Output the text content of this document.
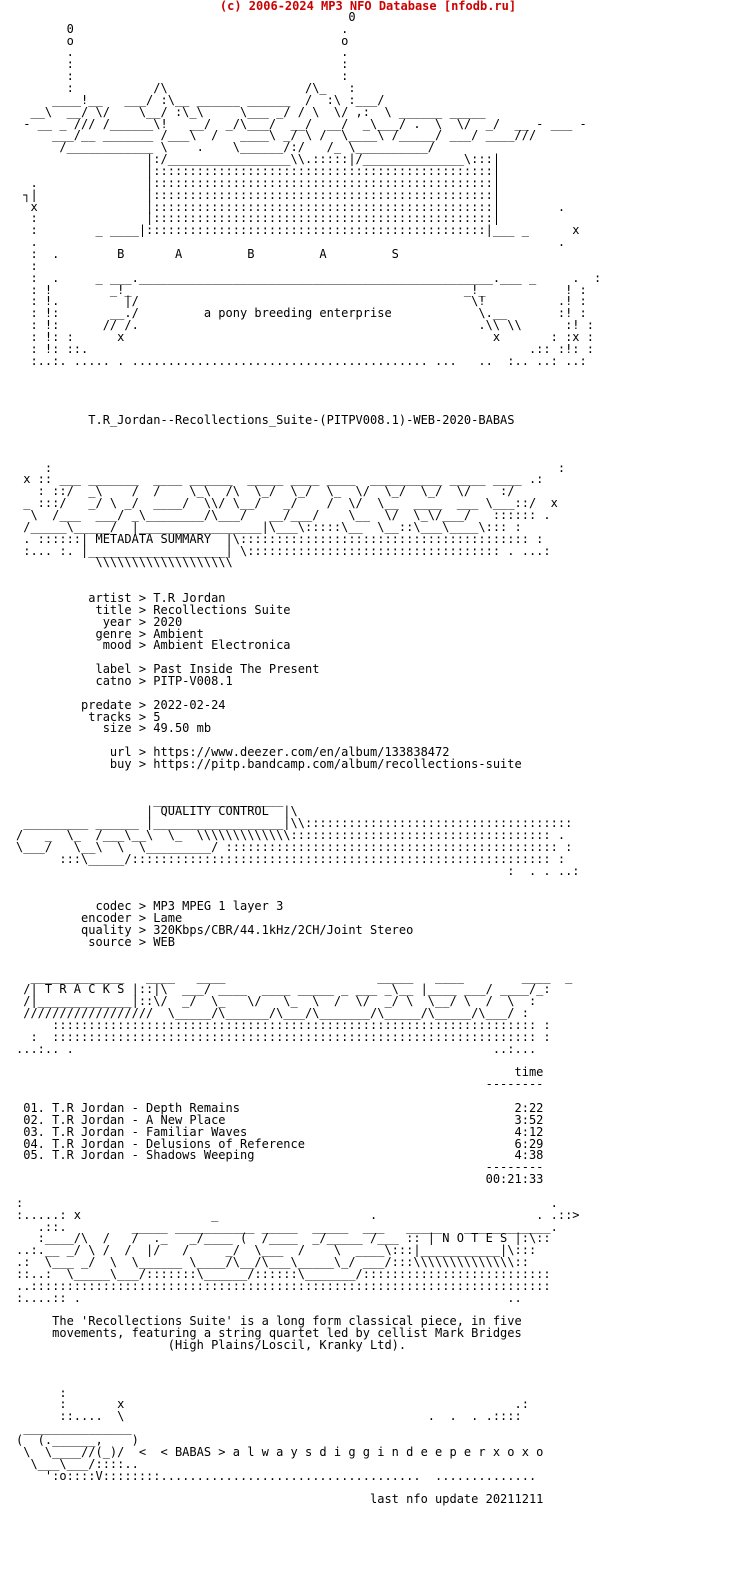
(c) 2006-2024 MP3 NFO Database [nfodb.ru]

0
0                                     .
o                                     o
.                                     .
:                                     :
:                                     :
:           /\                   /\_   :
____!__   ___/ :\__ ______ ______  /  :\ :___/
__\  __/ \/    \__/ :\_\     \___ _/ / \  \/ ,:  \ ______ _____
- __ _ /// /______\!   __/  _/\___/  __/  __/  _\___/ .  \  \/  _/  __ - ___ -
___/__ _______ /___\  /   ____\ _/ \ /  \____\ /_____/ ___/ ____///
/____________ \    .    \______/:/   /_ \__________/
|:/_________________\\.:::::|/______________\:::|
|:::::::::::::::::::::::::::::::::::::::::::::::|
.               |:::::::::::::::::::::::::::::::::::::::::::::::|
┐|               |:::::::::::::::::::::::::::::::::::::::::::::::|
x               |:::::::::::::::::::::::::::::::::::::::::::::::|        .
:               |:::::::::::::::::::::::::::::::::::::::::::::::|
:        _ ____|:::::::::::::::::::::::::::::::::::::::::::::::|___ _      x
.                                                                        .
:  .        B       A         B         A         S
:
:  .     _ ___._________________________________________________.___ _     .  :
: !        _!_                                              _!_           ! :
: !.         |/                                              \!          .! :
: !:       __./         a pony breeding enterprise            \.__       :! :
: !:      // /.                                               .\\ \\      :! :
: !: :      x                                                   x       : :x :
: !: ::.                                                             .:: :!: :
:..:. ..... . ......................................... ...   ..  :.. ..: ..:

T.R_Jordan--Recollections_Suite-(PITPV008.1)-WEB-2020-BABAS

:                                                                      :
x :: ___ _______  ____ ______  _____ ____ ____  __________ _____ ____ .:
: ::/  _\    /  /    \_\  /\  \_/  \_/  \_  \/  \_/  \_/  \/    :/
_ :::/   _/ \ _/  ____/  \\/ \__/   _/    /  \/  \__  ____  ___ \___::/  x
\  /___  ___/ _\________/\___/   __/___/    \__  \/  \_\/___/   :::::: .
/_____\_____/  |_________________|\___\:::::\__  \__::\___\____\::: :
. ::::::| METADATA SUMMARY  |\:::::::::::::::::::::::::::::::::::::::: :
:... :. |___________________| \::::::::::::::::::::::::::::::::::: . ...:
\\\\\\\\\\\\\\\\\\\

artist > T.R Jordan
title > Recollections Suite
year > 2020
genre > Ambient
mood > Ambient Electronica

label > Past Inside The Present
catno > PITP-V008.1

predate > 2022-02-24
tracks > 5
size > 49.50 mb

url > https://www.deezer.com/en/album/133838472
buy > https://pitp.bandcamp.com/album/recollections-suite

__________________
| QUALITY CONTROL  |\
_________ ______ |__________________|\\:::::::::::::::::::::::::::::::::::::
/   _  \_  /___\__\  \_  \\\\\\\\\\\\\:::::::::::::::::::::::::::::::::::: .
\___/   \__\  \  \_________/ :::::::::::::::::::::::::::::::::::::::::::::: :
:::\_____/:::::::::::::::::::::::::::::::::::::::::::::::::::::::::: :
:  . . ..:

codec > MP3 MPEG 1 layer 3
encoder > Lame
quality > 320Kbps/CBR/44.1kHz/2CH/Joint Stereo
source > WEB

_____________   ____   ____                     _____   ____        ____  _
/| T R A C K S |::|\  ___/ ____  ____ _____ _ ___ _\__ |____ ___/ ____/_:
/|_____________|::\/  _/  \_   \/   \_  \  /  \/  _/ \  \__/ \  /  \  :
//////////////////  \_____/\______/\___/\_______/\_____/\_____/\___/ :
::::::::::::::::::::::::::::::::::::::::::::::::::::::::::::::::::: :
:  ::::::::::::::::::::::::::::::::::::::::::::::::::::::::::::::::::: :
...:.. .                                                          ..:...

time
--------

01. T.R Jordan - Depth Remains                                      2:22
02. T.R Jordan - A New Place                                        3:52
03. T.R Jordan - Familiar Waves                                     4:12
04. T.R Jordan - Delusions of Reference                             6:29
05. T.R Jordan - Shadows Weeping                                    4:38
--------
00:21:33

:                                                                         .
:.....: x                  _                     .                      . .::>
.::.         _____ ___________ _____  _____  ___   _____   ____________.
:____/\  /   /  ._   _/____ (  /____  _/_____ /___ :: | N O T E S |:\::
..:.__ _/ \ /  /  |/   /     _/  \___  /    \  ____\:::|___________|\:::
.:  \___ _/  \  \______ \____/\__/\___\_____\_/ ___/:::\\\\\\\\\\\\\\::
::..:  \_____\___/:::::::\______/::::::\_______/::::::::::::::::::::::::::
..::::::::::::::::::::::::::::::::::::::::::::::::::::::::::::::::::::::::
:....:: .                                                           ..

The 'Recollections Suite' is a long form classical piece, in five
movements, featuring a string quartet led by cellist Mark Bridges
(High Plains/Loscil, Kranky Ltd).

:
:       x                                                      .:
::....  \                                          .  .  . .::::
_______________
(  (.______,    )
\  \____//(_)/  <  < BABAS > a l w a y s d i g g i n d e e p e r x o x o
\___\___/::::..
':o::::V::::::::....................................  ..............

last nfo update 20211211
